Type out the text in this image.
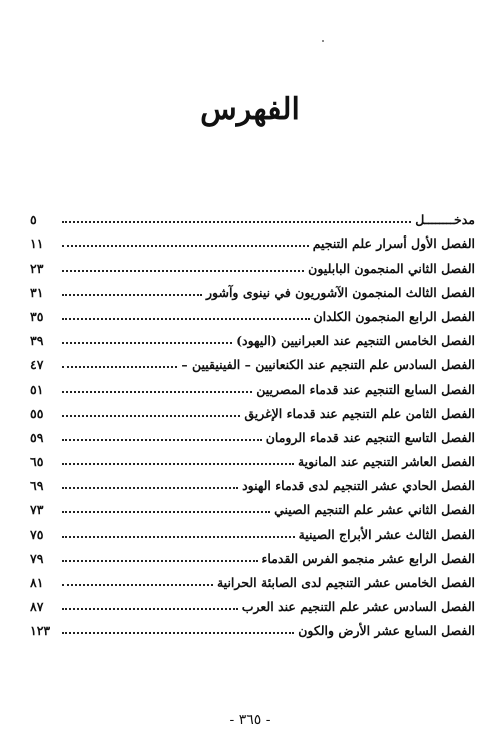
الفهرس
مدخــــــــل
٥
الفصل الأول أسرار علم التنجيم
١١
الفصل الثاني المنجمون البابليون
٢٣
الفصل الثالث المنجمون الآشوريون في نينوى وآشور
٣١
الفصل الرابع المنجمون الكلدان
٣٥
الفصل الخامس التنجيم عند العبرانيين (اليهود)
٣٩
الفصل السادس علم التنجيم عند الكنعانيين – الفينيقيين –
٤٧
الفصل السابع التنجيم عند قدماء المصريين
٥١
الفصل الثامن علم التنجيم عند قدماء الإغريق
٥٥
الفصل التاسع التنجيم عند قدماء الرومان
٥٩
الفصل العاشر التنجيم عند المانوية
٦٥
الفصل الحادي عشر التنجيم لدى قدماء الهنود
٦٩
الفصل الثاني عشر علم التنجيم الصيني
٧٣
الفصل الثالث عشر الأبراج الصينية
٧٥
الفصل الرابع عشر منجمو الفرس القدماء
٧٩
الفصل الخامس عشر التنجيم لدى الصابئة الحرانية
٨١
الفصل السادس عشر علم التنجيم عند العرب
٨٧
الفصل السابع عشر الأرض والكون
١٢٣
- ٣٦٥ -
